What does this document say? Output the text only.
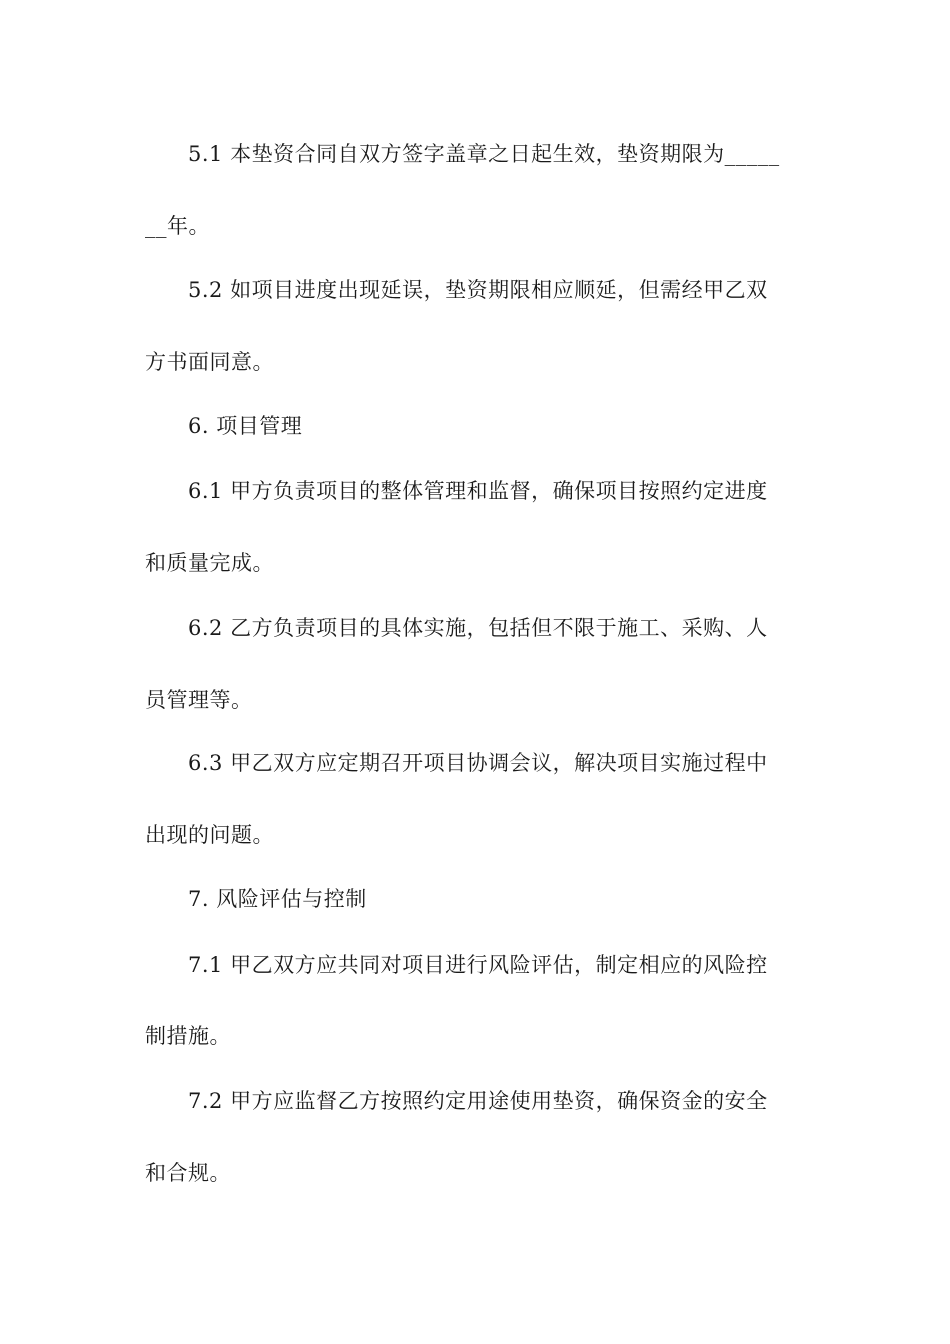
5.1 本垫资合同自双方签字盖章之日起生效，垫资期限为_____
__年。
5.2 如项目进度出现延误，垫资期限相应顺延，但需经甲乙双
方书面同意。
6. 项目管理
6.1 甲方负责项目的整体管理和监督，确保项目按照约定进度
和质量完成。
6.2 乙方负责项目的具体实施，包括但不限于施工、采购、人
员管理等。
6.3 甲乙双方应定期召开项目协调会议，解决项目实施过程中
出现的问题。
7. 风险评估与控制
7.1 甲乙双方应共同对项目进行风险评估，制定相应的风险控
制措施。
7.2 甲方应监督乙方按照约定用途使用垫资，确保资金的安全
和合规。
